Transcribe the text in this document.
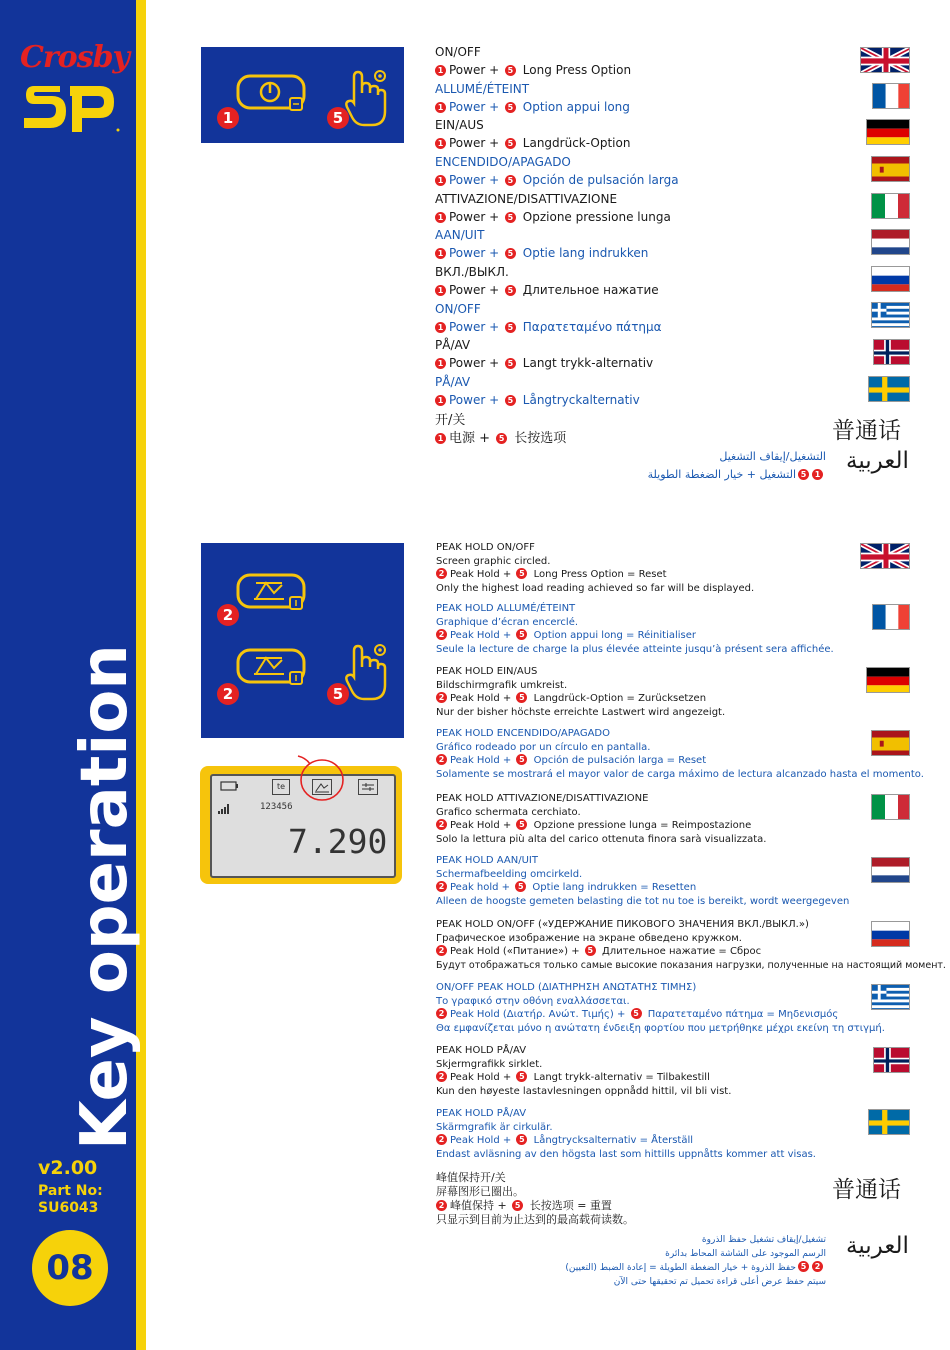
Crosby
Key operation
v2.00
Part No:
SU6043
08
1	5
2
2	5
te
123456
7.290
ON/OFF
1 Power + 5 Long Press Option
ALLUMÉ/ÉTEINT
1 Power + 5 Option appui long
EIN/AUS
1 Power + 5 Langdrück-Option
ENCENDIDO/APAGADO
1 Power + 5 Opción de pulsación larga
ATTIVAZIONE/DISATTIVAZIONE
1 Power + 5 Opzione pressione lunga
AAN/UIT
1 Power + 5 Optie lang indrukken
ВКЛ./ВЫКЛ.
1 Power + 5 Длительное нажатие
ON/OFF
1 Power + 5 Παρατεταμένο πάτημα
PÅ/AV
1 Power + 5 Langt trykk-alternativ
PÅ/AV
1 Power + 5 Långtryckalternativ
开/关
1 电源 + 5 长按选项
التشغيل/إيقاف التشغيل
15التشغيل + خيار الضغطة الطويلة
普通话
العربية
普通话
العربية
PEAK HOLD ON/OFF
Screen graphic circled.
2 Peak Hold + 5 Long Press Option = Reset
Only the highest load reading achieved so far will be displayed.
PEAK HOLD ALLUMÉ/ÉTEINT
Graphique d’écran encerclé.
2 Peak Hold + 5 Option appui long = Réinitialiser
Seule la lecture de charge la plus élevée atteinte jusqu’à présent sera affichée.
PEAK HOLD EIN/AUS
Bildschirmgrafik umkreist.
2 Peak Hold + 5 Langdrück-Option = Zurücksetzen
Nur der bisher höchste erreichte Lastwert wird angezeigt.
PEAK HOLD ENCENDIDO/APAGADO
Gráfico rodeado por un círculo en pantalla.
2 Peak Hold + 5 Opción de pulsación larga = Reset
Solamente se mostrará el mayor valor de carga máximo de lectura alcanzado hasta el momento.
PEAK HOLD ATTIVAZIONE/DISATTIVAZIONE
Grafico schermata cerchiato.
2 Peak Hold + 5 Opzione pressione lunga = Reimpostazione
Solo la lettura più alta del carico ottenuta finora sarà visualizzata.
PEAK HOLD AAN/UIT
Schermafbeelding omcirkeld.
2 Peak hold + 5 Optie lang indrukken = Resetten
Alleen de hoogste gemeten belasting die tot nu toe is bereikt, wordt weergegeven
PEAK HOLD ON/OFF («УДЕРЖАНИЕ ПИКОВОГО ЗНАЧЕНИЯ ВКЛ./ВЫКЛ.»)
Графическое изображение на экране обведено кружком.
2 Peak Hold («Питание») + 5 Длительное нажатие = Сброс
Будут отображаться только самые высокие показания нагрузки, полученные на настоящий момент.
ON/OFF PEAK HOLD (ΔΙΑΤΗΡΗΣΗ ΑΝΩΤΑΤΗΣ ΤΙΜΗΣ)
Το γραφικό στην οθόνη εναλλάσσεται.
2 Peak Hold (Διατήρ. Ανώτ. Τιμής) + 5 Παρατεταμένο πάτημα = Μηδενισμός
Θα εμφανίζεται μόνο η ανώτατη ένδειξη φορτίου που μετρήθηκε μέχρι εκείνη τη στιγμή.
PEAK HOLD PÅ/AV
Skjermgrafikk sirklet.
2 Peak Hold + 5 Langt trykk-alternativ = Tilbakestill
Kun den høyeste lastavlesningen oppnådd hittil, vil bli vist.
PEAK HOLD PÅ/AV
Skärmgrafik är cirkulär.
2 Peak Hold + 5 Långtrycksalternativ = Återställ
Endast avläsning av den högsta last som hittills uppnåtts kommer att visas.
峰值保持开/关
屏幕图形已圈出。
2 峰值保持 + 5 长按选项 = 重置
只显示到目前为止达到的最高载荷读数。
تشغيل/إيقاف تشغيل حفظ الذروة
الرسم الموجود على الشاشة المحاط بدائرة
25حفظ الذروة + خيار الضغطة الطويلة = إعادة الضبط (التعيين)
سيتم حفظ عرض أعلى قراءة تحميل تم تحقيقها حتى الآن
